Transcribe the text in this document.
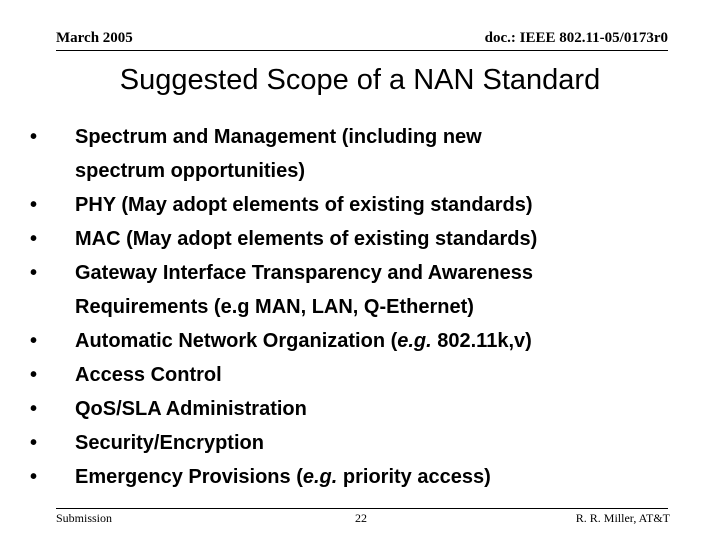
March 2005	doc.: IEEE 802.11-05/0173r0
Suggested Scope of a NAN Standard
• Spectrum and Management (including new
spectrum opportunities)
• PHY (May adopt elements of existing standards)
• MAC (May adopt elements of existing standards)
• Gateway Interface Transparency and Awareness
Requirements (e.g MAN, LAN, Q-Ethernet)
• Automatic Network Organization (e.g. 802.11k,v)
• Access Control
• QoS/SLA Administration
• Security/Encryption
• Emergency Provisions (e.g. priority access)
Submission	22	R. R. Miller, AT&T
